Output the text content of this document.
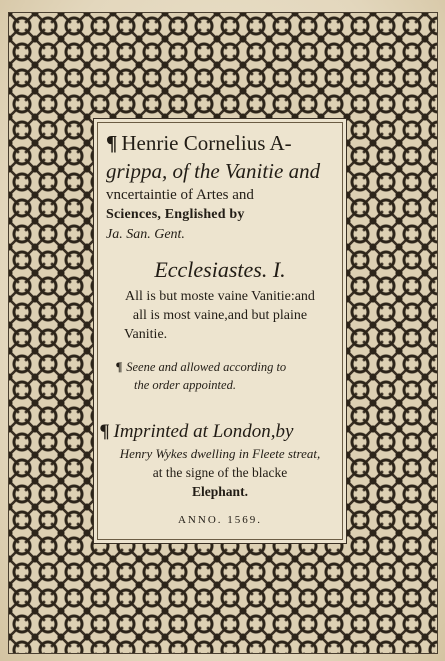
¶ Henrie Cornelius A-
grippa, of the Vanitie and
vncertaintie of Artes and
Sciences, Englished by
Ja. San. Gent.
Ecclesiastes. I.
All is but moste vaine Vanitie:and
all is most vaine,and but plaine
Vanitie.
¶ Seene and allowed according to
the order appointed.
¶ Imprinted at London,by
Henry Wykes dwelling in Fleete streat,
at the signe of the blacke
Elephant.
ANNO. 1569.
